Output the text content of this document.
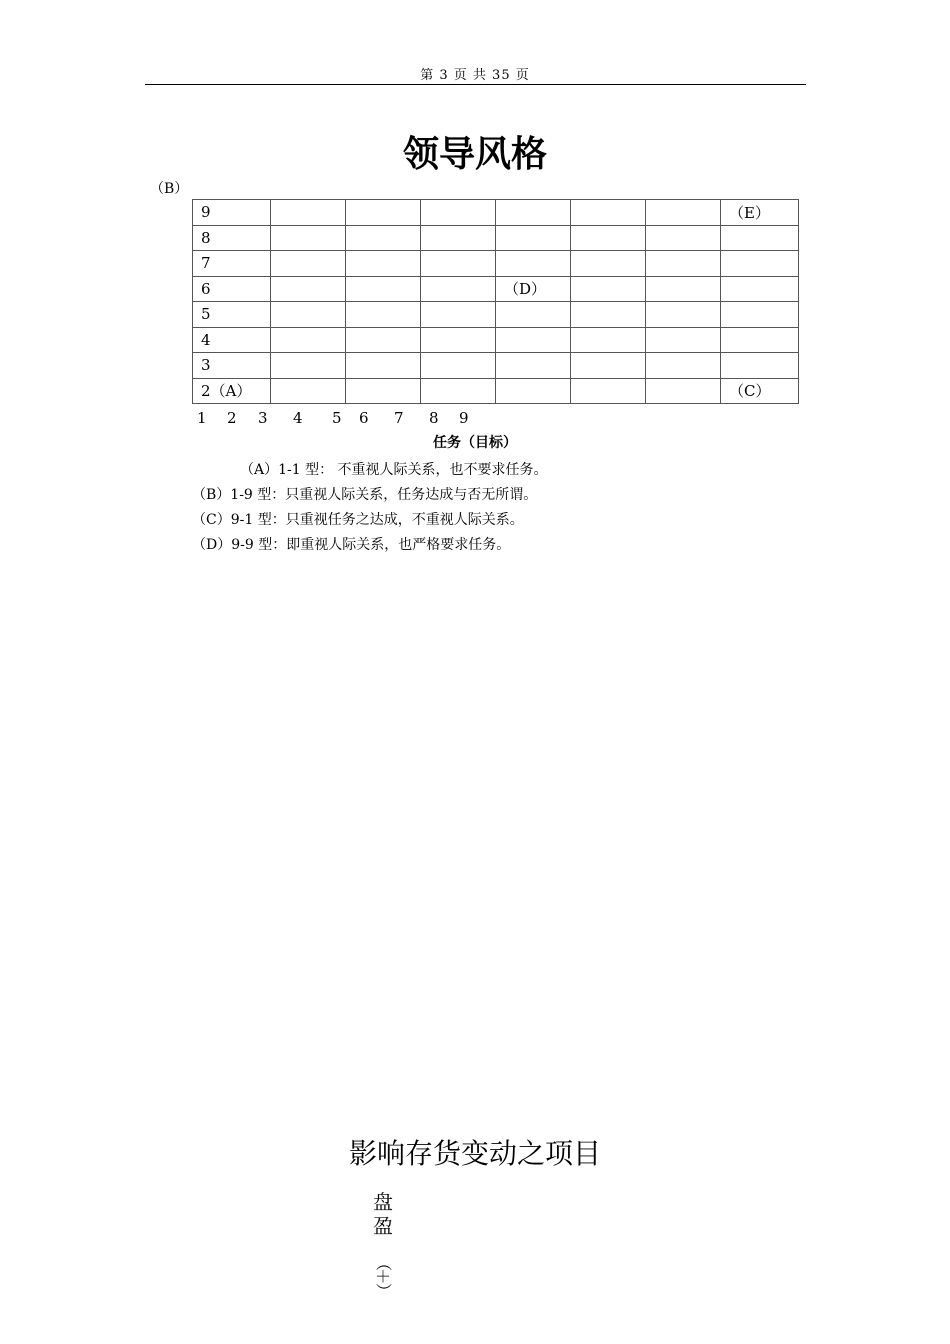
第 3 页 共 35 页
领导风格
（B）
9							（E）
8							
7							
6				（D）			
5							
4							
3							
2（A）							（C）
1 2 3 4 5 6 7 8 9
任务（目标）
（A）1-1 型： 不重视人际关系，也不要求任务。
（B）1-9 型：只重视人际关系，任务达成与否无所谓。
（C）9-1 型：只重视任务之达成，不重视人际关系。
（D）9-9 型：即重视人际关系，也严格要求任务。
影响存货变动之项目
盘
盈
（
＋
）
